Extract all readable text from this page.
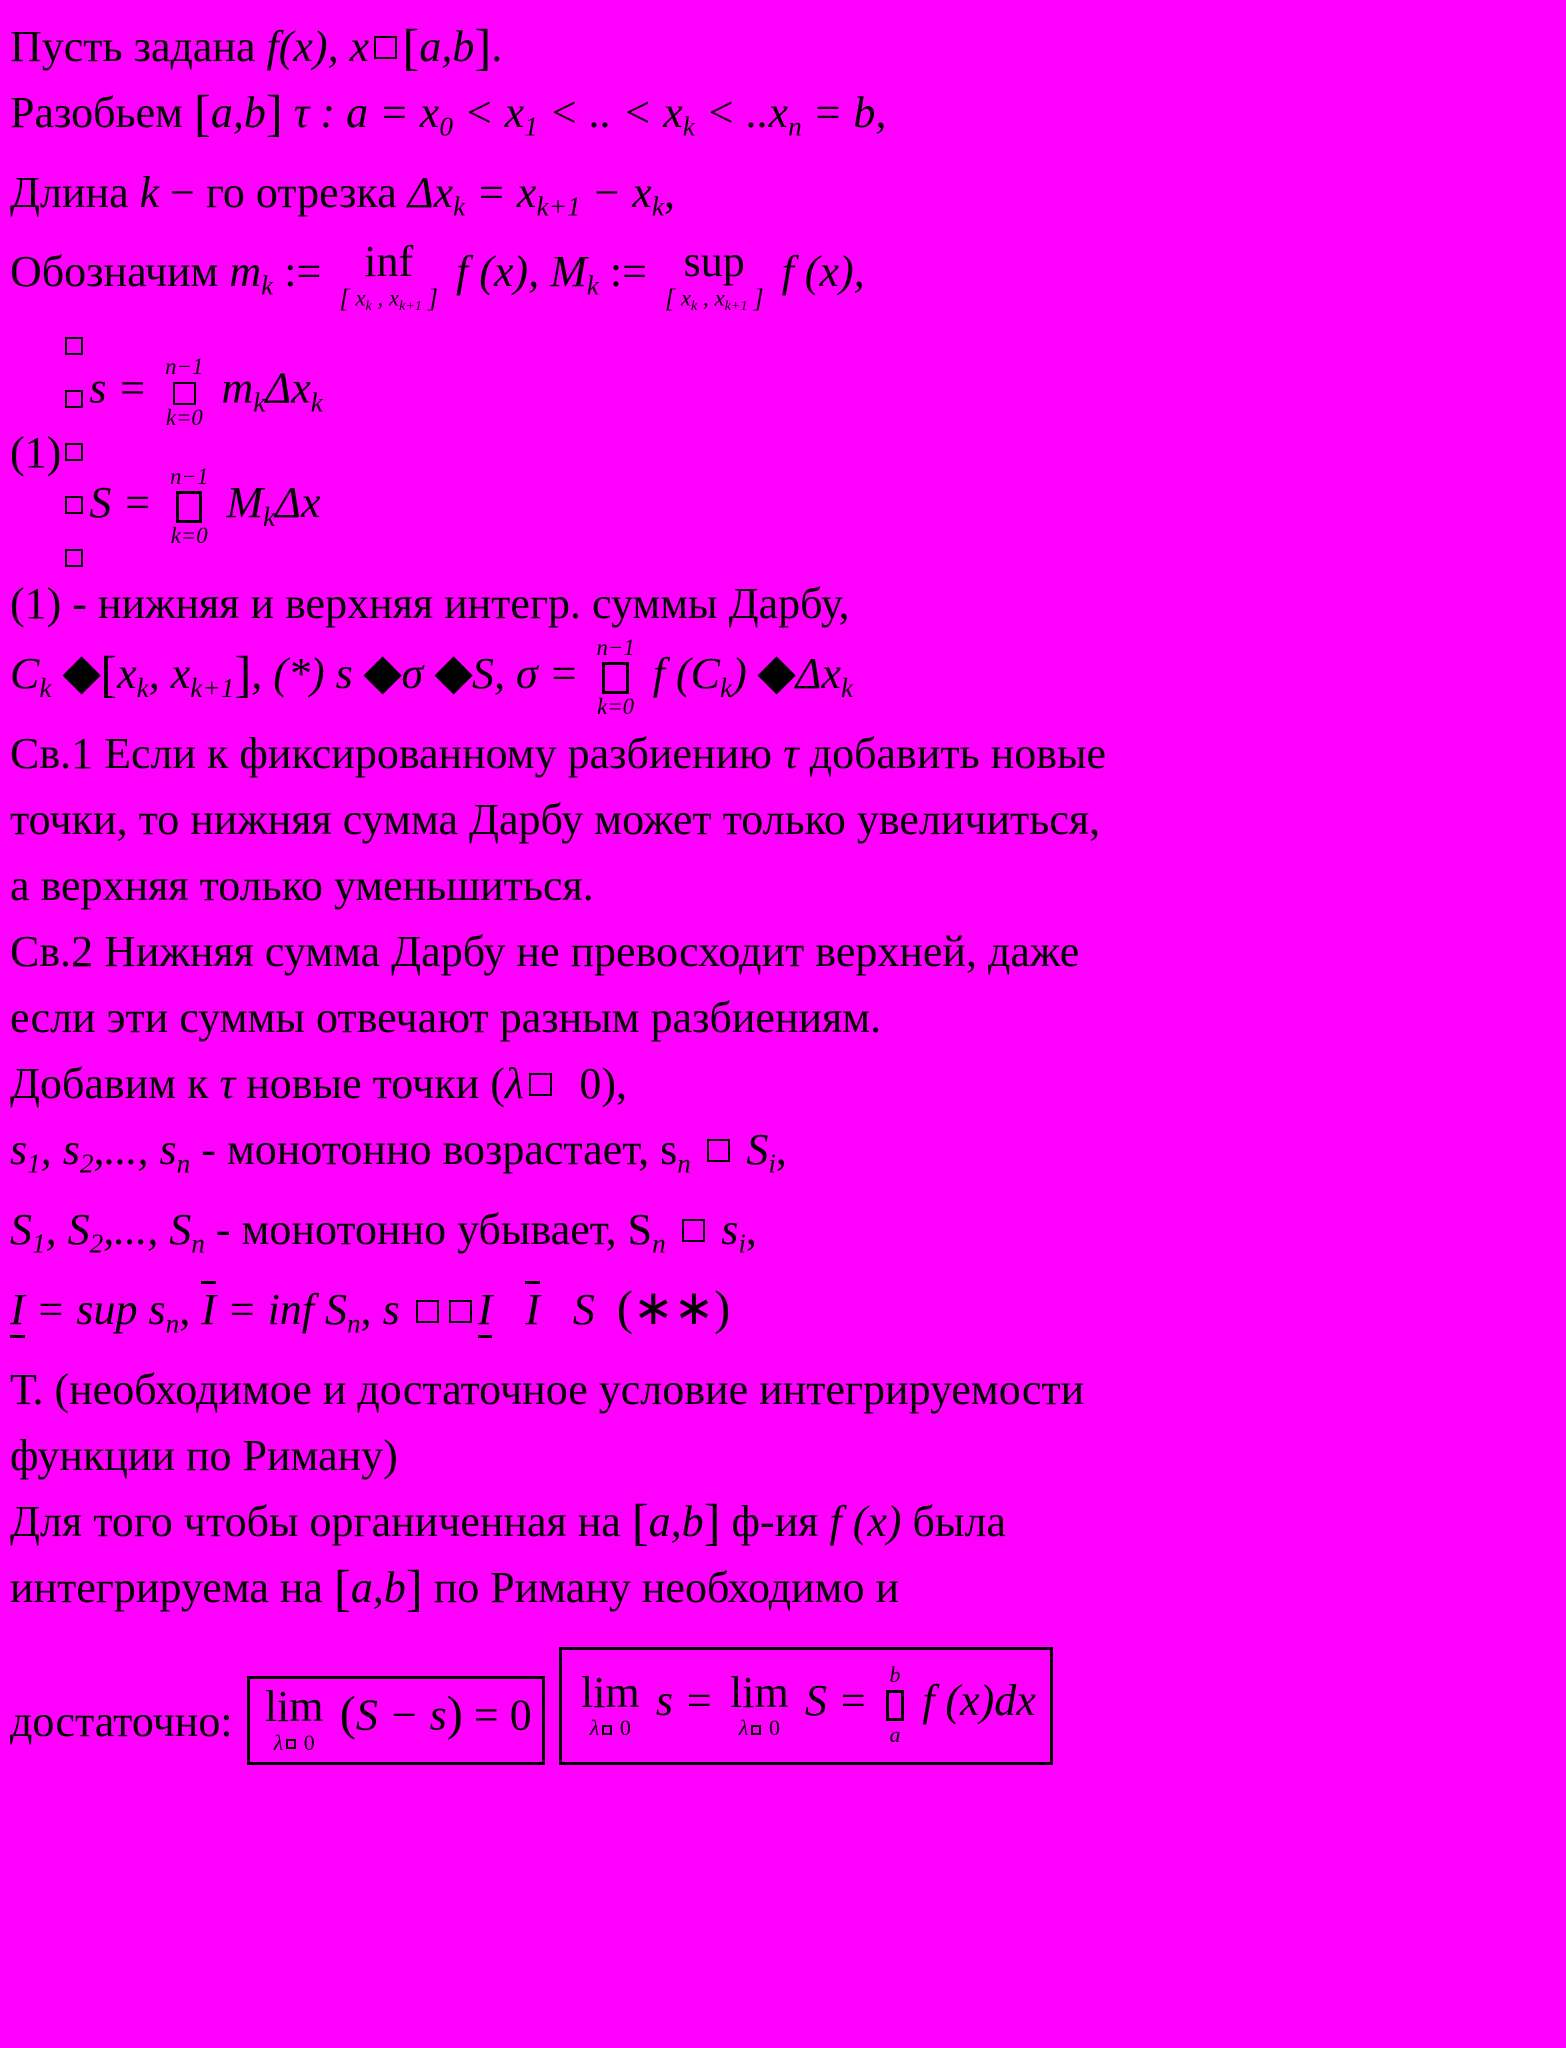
Пусть задана f(x), x [a,b].
Разобьем [a,b] τ : $a = x_0 < x_1$ < .. < $x_k < ..x_n = b$,
Длина k − го отрезка $\Delta x_k = x_{k+1} - x_k$,
Обозначим $m_k$ := inf
[ $x_k$ , $x_{k+1}$ ]
f (x), $M_k$ := sup
[ $x_k$ , $x_{k+1}$ ]
f (x),
(1)
s = n−1
k=0
$m_k\Delta x_k$
S =
n−1
k=0
$M_k\Delta x$
(1) - нижняя и верхняя интегр. суммы Дарбу,
$C_k$ [$x_k$, $x_{k+1}$], (*) s σ S, σ =
n−1
k=0
f $(C_k)$ $\Delta x_k$
Св.1 Если к фиксированному разбиению τ добавить новые
точки, то нижняя сумма Дарбу может только увеличиться,
а верхняя только уменьшиться.
Св.2 Нижняя сумма Дарбу не превосходит верхней, даже
если эти суммы отвечают разным разбиениям.
Добавим к τ новые точки (λ 0),
$s_1$, $s_2$,..., $s_n$ - монотонно возрастает, $s_n$ $S_i$,
$S_1$, $S_2$,..., $S_n$ - монотонно убывает, $S_n$ $s_i$,
I = sup $s_n$, I = inf $S_n$, s I I S (∗∗)
Т. (необходимое и достаточное условие интегрируемости
функции по Риману)
Для того чтобы органиченная на [a,b] ф-ия f (x) была
интегрируема на [a,b] по Риману необходимо и
достаточно: lim
λ 0
(S − s) = 0 lim
λ 0
s = lim
λ 0
S =
b
a
f (x)dx
